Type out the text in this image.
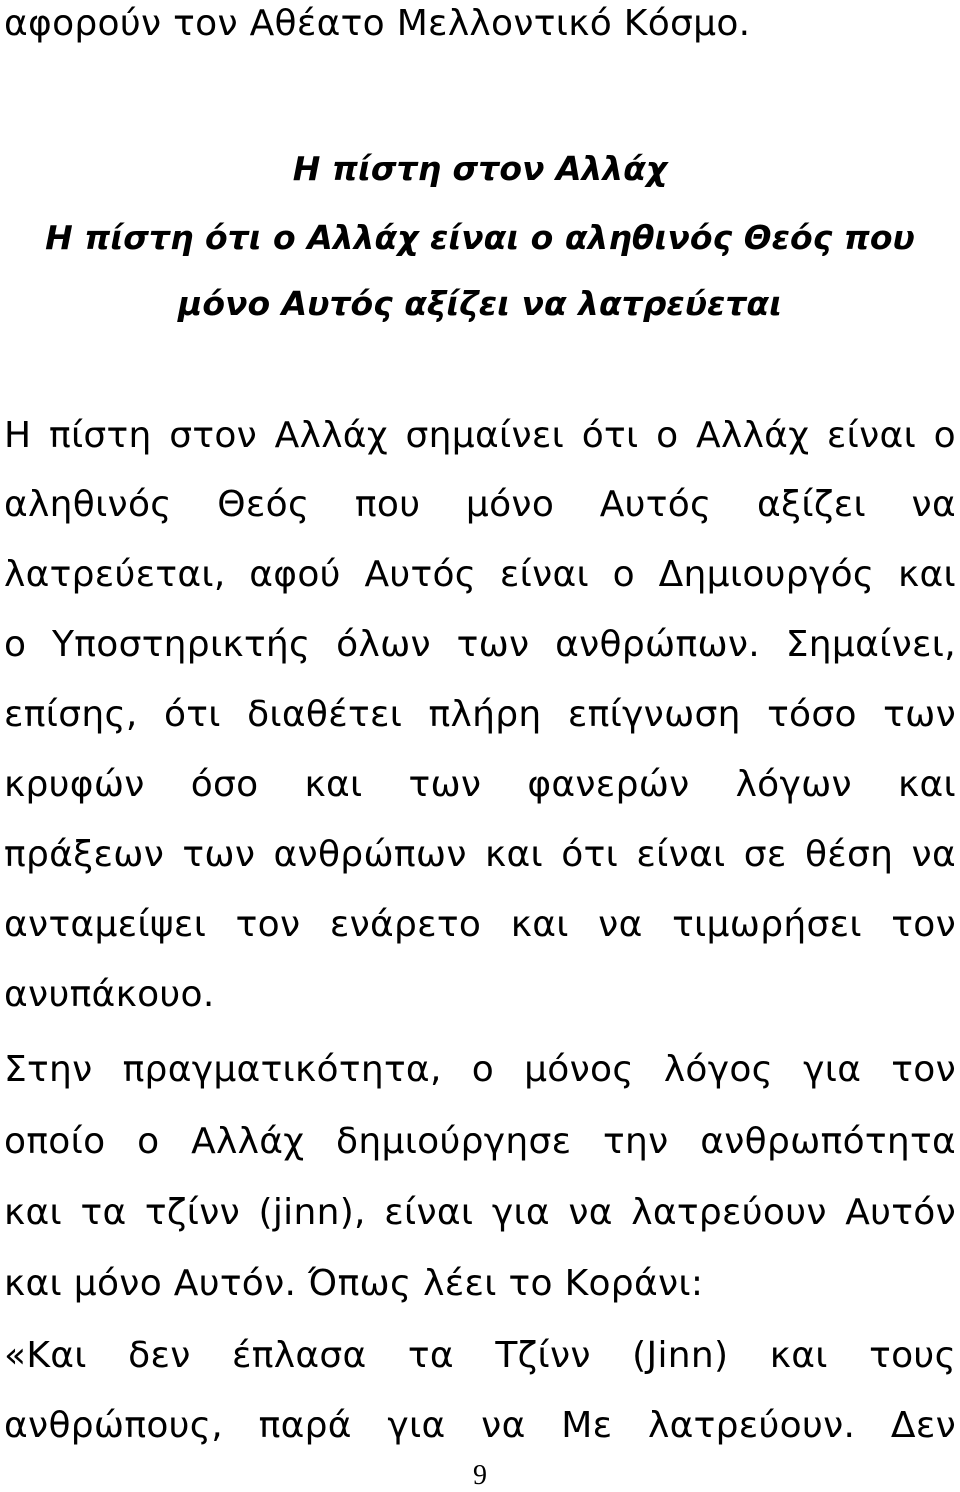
αφορούν τον Αθέατο Μελλοντικό Κόσμο.
Η πίστη στον Αλλάχ
Η πίστη ότι ο Αλλάχ είναι ο αληθινός Θεός που
μόνο Αυτός αξίζει να λατρεύεται
Η πίστη στον Αλλάχ σημαίνει ότι ο Αλλάχ είναι ο
αληθινός Θεός που μόνο Αυτός αξίζει να
λατρεύεται, αφού Αυτός είναι ο Δημιουργός και
ο Υποστηρικτής όλων των ανθρώπων. Σημαίνει,
επίσης, ότι διαθέτει πλήρη επίγνωση τόσο των
κρυφών όσο και των φανερών λόγων και
πράξεων των ανθρώπων και ότι είναι σε θέση να
ανταμείψει τον ενάρετο και να τιμωρήσει τον
ανυπάκουο.
Στην πραγματικότητα, ο μόνος λόγος για τον
οποίο ο Αλλάχ δημιούργησε την ανθρωπότητα
και τα τζίνν (jinn), είναι για να λατρεύουν Αυτόν
και μόνο Αυτόν. Όπως λέει το Κοράνι:
«Και δεν έπλασα τα Τζίνν (Jinn) και τους
ανθρώπους, παρά για να Με λατρεύουν. Δεν
9
